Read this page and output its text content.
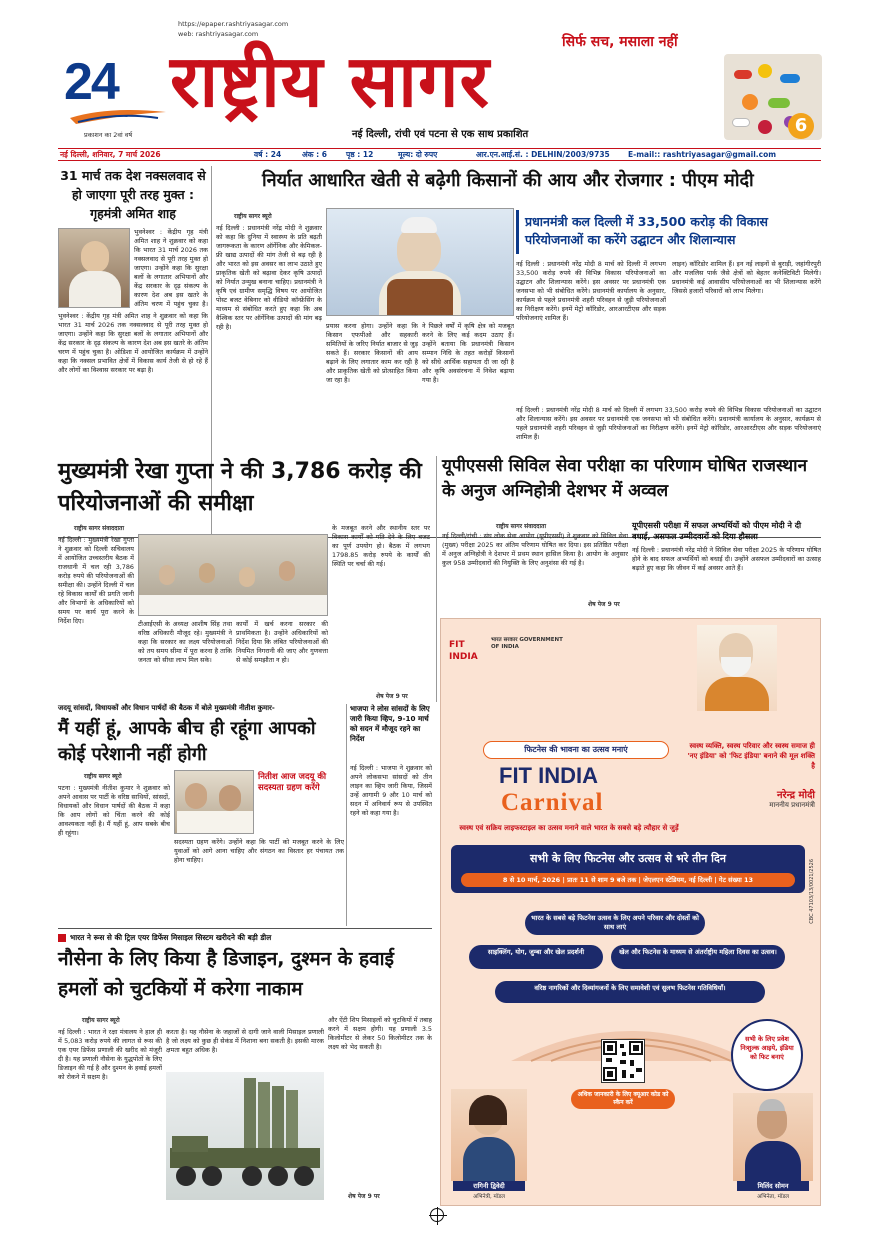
https://epaper.rashtriyasagar.com
web: rashtriyasagar.com	सिर्फ सच, मसाला नहीं
24
प्रकाशन का 2वां वर्ष
राष्ट्रीय सागर
नई दिल्ली, रांची एवं पटना से एक साथ प्रकाशित	6
नई दिल्ली, शनिवार, 7 मार्च 2026	वर्ष : 24	अंक : 6	पृष्ठ : 12	मूल्य: दो रुपए	आर.एन.आई.सं. : DELHIN/2003/9735	E-mail:: rashtriyasagar@gmail.com
31 मार्च तक देश नक्सलवाद से हो जाएगा पूरी तरह मुक्त : गृहमंत्री अमित शाह
भुवनेश्वर : केंद्रीय गृह मंत्री अमित शाह ने शुक्रवार को कहा कि भारत 31 मार्च 2026 तक नक्सलवाद से पूरी तरह मुक्त हो जाएगा। उन्होंने कहा कि सुरक्षा बलों के लगातार अभियानों और केंद्र सरकार के दृढ़ संकल्प के कारण देश अब इस खतरे के अंतिम चरण में पहुंच चुका है।
भुवनेश्वर : केंद्रीय गृह मंत्री अमित शाह ने शुक्रवार को कहा कि भारत 31 मार्च 2026 तक नक्सलवाद से पूरी तरह मुक्त हो जाएगा। उन्होंने कहा कि सुरक्षा बलों के लगातार अभियानों और केंद्र सरकार के दृढ़ संकल्प के कारण देश अब इस खतरे के अंतिम चरण में पहुंच चुका है। ओडिशा में आयोजित कार्यक्रम में उन्होंने कहा कि नक्सल प्रभावित क्षेत्रों में विकास कार्य तेजी से हो रहे हैं और लोगों का विश्वास सरकार पर बढ़ा है।
निर्यात आधारित खेती से बढ़ेगी किसानों की आय और रोजगार : पीएम मोदी
राष्ट्रीय सागर ब्यूरो
नई दिल्ली : प्रधानमंत्री नरेंद्र मोदी ने शुक्रवार को कहा कि दुनिया में स्वास्थ्य के प्रति बढ़ती जागरूकता के कारण ऑर्गेनिक और केमिकल-फ्री खाद्य उत्पादों की मांग तेजी से बढ़ रही है और भारत को इस अवसर का लाभ उठाते हुए प्राकृतिक खेती को बढ़ावा देकर कृषि उत्पादों को निर्यात उन्मुख बनाना चाहिए। प्रधानमंत्री ने कृषि एवं ग्रामीण समृद्धि विषय पर आयोजित पोस्ट बजट वेबिनार को वीडियो कॉन्फ्रेंसिंग के माध्यम से संबोधित करते हुए कहा कि अब वैश्विक स्तर पर ऑर्गेनिक उत्पादों की मांग बढ़ रही है।	प्रयास करना होगा। उन्होंने कहा कि किसान एफपीओ और सहकारी समितियों के जरिए निर्यात बाजार से जुड़ सकते हैं। सरकार किसानों की आय बढ़ाने के लिए लगातार काम कर रही है और प्राकृतिक खेती को प्रोत्साहित किया जा रहा है।
ने पिछले वर्षों में कृषि क्षेत्र को मजबूत करने के लिए कई कदम उठाए हैं। उन्होंने बताया कि प्रधानमंत्री किसान सम्मान निधि के तहत करोड़ों किसानों को सीधे आर्थिक सहायता दी जा रही है और कृषि अवसंरचना में निवेश बढ़ाया गया है।
प्रधानमंत्री कल दिल्ली में 33,500 करोड़ की विकास परियोजनाओं का करेंगे उद्घाटन और शिलान्यास
नई दिल्ली : प्रधानमंत्री नरेंद्र मोदी 8 मार्च को दिल्ली में लगभग 33,500 करोड़ रुपये की विभिन्न विकास परियोजनाओं का उद्घाटन और शिलान्यास करेंगे। इस अवसर पर प्रधानमंत्री एक जनसभा को भी संबोधित करेंगे। प्रधानमंत्री कार्यालय के अनुसार, कार्यक्रम से पहले प्रधानमंत्री शहरी परिवहन से जुड़ी परियोजनाओं का निरीक्षण करेंगे। इनमें मेट्रो कॉरिडोर, आरआरटीएस और सड़क परियोजनाएं शामिल हैं।
लाइन) कॉरिडोर शामिल हैं। इन नई लाइनों से बुराड़ी, जहांगीरपुरी और मजलिस पार्क जैसे क्षेत्रों को बेहतर कनेक्टिविटी मिलेगी। प्रधानमंत्री कई आवासीय परियोजनाओं का भी शिलान्यास करेंगे जिससे हजारों परिवारों को लाभ मिलेगा।
नई दिल्ली : प्रधानमंत्री नरेंद्र मोदी 8 मार्च को दिल्ली में लगभग 33,500 करोड़ रुपये की विभिन्न विकास परियोजनाओं का उद्घाटन और शिलान्यास करेंगे। इस अवसर पर प्रधानमंत्री एक जनसभा को भी संबोधित करेंगे। प्रधानमंत्री कार्यालय के अनुसार, कार्यक्रम से पहले प्रधानमंत्री शहरी परिवहन से जुड़ी परियोजनाओं का निरीक्षण करेंगे। इनमें मेट्रो कॉरिडोर, आरआरटीएस और सड़क परियोजनाएं शामिल हैं।
मुख्यमंत्री रेखा गुप्ता ने की 3,786 करोड़ की परियोजनाओं की समीक्षा
राष्ट्रीय सागर संवाददाता
नई दिल्ली : मुख्यमंत्री रेखा गुप्ता ने शुक्रवार को दिल्ली सचिवालय में आयोजित उच्चस्तरीय बैठक में राजधानी में चल रही 3,786 करोड़ रुपये की परियोजनाओं की समीक्षा की। उन्होंने दिल्ली में चल रहे विकास कार्यों की प्रगति जानी और विभागों के अधिकारियों को समय पर कार्य पूरा करने के निर्देश दिए।	टीआईएसी के अध्यक्ष आशीष सिंह तथा वरिष्ठ अधिकारी मौजूद रहे। मुख्यमंत्री ने कहा कि सरकार का लक्ष्य परियोजनाओं को तय समय सीमा में पूरा करना है ताकि जनता को सीधा लाभ मिल सके।
कार्यों में खर्च करना सरकार की प्राथमिकता है। उन्होंने अधिकारियों को निर्देश दिया कि लंबित परियोजनाओं की नियमित निगरानी की जाए और गुणवत्ता से कोई समझौता न हो।
के मजबूत करने और स्थानीय स्तर पर विकास कार्यों को गति देने के लिए बजट का पूर्ण उपयोग हो। बैठक में लगभग 1798.85 करोड़ रुपये के कार्यों की स्थिति पर चर्चा की गई।
शेष पेज 9 पर
यूपीएससी सिविल सेवा परीक्षा का परिणाम घोषित राजस्थान के अनुज अग्निहोत्री देशभर में अव्वल
राष्ट्रीय सागर संवाददाता
नई दिल्ली/रांची : संघ लोक सेवा आयोग (यूपीएससी) ने शुक्रवार को सिविल सेवा (मुख्य) परीक्षा 2025 का अंतिम परिणाम घोषित कर दिया। इस प्रतिष्ठित परीक्षा में अनुज अग्निहोत्री ने देशभर में प्रथम स्थान हासिल किया है। आयोग के अनुसार कुल 958 उम्मीदवारों की नियुक्ति के लिए अनुशंसा की गई है।
शेष पेज 9 पर
यूपीएससी परीक्षा में सफल अभ्यर्थियों को पीएम मोदी ने दी बधाई, असफल उम्मीदवारों को दिया हौसला
नई दिल्ली : प्रधानमंत्री नरेंद्र मोदी ने सिविल सेवा परीक्षा 2025 के परिणाम घोषित होने के बाद सफल अभ्यर्थियों को बधाई दी। उन्होंने असफल उम्मीदवारों का उत्साह बढ़ाते हुए कहा कि जीवन में कई अवसर आते हैं।
जदयू सांसदों, विधायकों और विधान पार्षदों की बैठक में बोले मुख्यमंत्री नीतीश कुमार-
मैं यहीं हूं, आपके बीच ही रहूंगा आपको कोई परेशानी नहीं होगी
राष्ट्रीय सागर ब्यूरो
पटना : मुख्यमंत्री नीतीश कुमार ने शुक्रवार को अपने आवास पर पार्टी के वरिष्ठ साथियों, सांसदों, विधायकों और विधान पार्षदों की बैठक में कहा कि आप लोगों को चिंता करने की कोई आवश्यकता नहीं है। मैं यहीं हूं, आप सबके बीच ही रहूंगा।
नितीश आज जदयू की सदस्यता ग्रहण करेंगे
सदस्यता ग्रहण करेंगे। उन्होंने कहा कि पार्टी को मजबूत करने के लिए युवाओं को आगे आना चाहिए और संगठन का विस्तार हर पंचायत तक होना चाहिए।
भाजपा ने लोस सांसदों के लिए जारी किया व्हिप, 9-10 मार्च को सदन में मौजूद रहने का निर्देश
नई दिल्ली : भाजपा ने शुक्रवार को अपने लोकसभा सांसदों को तीन लाइन का व्हिप जारी किया, जिसमें उन्हें आगामी 9 और 10 मार्च को सदन में अनिवार्य रूप से उपस्थित रहने को कहा गया है।
भारत ने रूस से की ट्रिल एयर डिफेंस मिसाइल सिस्टम खरीदने की बड़ी डील
नौसेना के लिए किया है डिजाइन, दुश्मन के हवाई हमलों को चुटकियों में करेगा नाकाम
राष्ट्रीय सागर ब्यूरो
नई दिल्ली : भारत ने रक्षा मंत्रालय ने हाल ही में 5,083 करोड़ रुपये की लागत से रूस की एक एयर डिफेंस प्रणाली की खरीद को मंजूरी दी है। यह प्रणाली नौसेना के युद्धपोतों के लिए डिजाइन की गई है और दुश्मन के हवाई हमलों को रोकने में सक्षम है।
करता है। यह नौसेना के जहाजों से दागी जाने वाली मिसाइल प्रणाली है जो लक्ष्य को कुछ ही सेकंड में निशाना बना सकती है। इसकी मारक क्षमता बहुत अधिक है।
और ऐंटी शिप मिसाइलों को चुटकियों में तबाह करने में सक्षम होगी। यह प्रणाली 3.5 किलोमीटर से लेकर 50 किलोमीटर तक के लक्ष्य को भेद सकती है।
शेष पेज 9 पर
FIT INDIA
भारत सरकार GOVERNMENT OF INDIA
फिटनेस की भावना का उत्सव मनाएं
FIT INDIA
Carnival
स्वस्थ एवं सक्रिय लाइफस्टाइल का उत्सव मनाने वाले भारत के सबसे बड़े त्यौहार से जुड़ें
स्वस्थ व्यक्ति, स्वस्थ परिवार और स्वस्थ समाज ही 'नए इंडिया' को 'फिट इंडिया' बनाने की मूल शक्ति है
नरेन्द्र मोदी
माननीय प्रधानमंत्री
सभी के लिए फिटनेस और उत्सव से भरे तीन दिन
8 से 10 मार्च, 2026 | प्रातः 11 से शाम 9 बजे तक | जेएलएन स्टेडियम, नई दिल्ली | गेट संख्या 13	CBC 47103/13/0021/2526
भारत के सबसे बड़े फिटनेस उत्सव के लिए अपने परिवार और दोस्तों को साथ लाएं
साइक्लिंग, योग, जुम्बा और खेल प्रदर्शनी	खेल और फिटनेस के माध्यम से अंतर्राष्ट्रीय महिला दिवस का उत्सव।
वरिष्ठ नागरिकों और दिव्यांगजनों के लिए समावेशी एवं सुलभ फिटनेस गतिविधियाँ।
अधिक जानकारी के लिए क्यूआर कोड को स्कैन करें
सभी के लिए प्रवेश निःशुल्क आइये, इंडिया को फिट बनाएं
रागिनी द्विवेदी
अभिनेत्री, मॉडल
मिलिंद सोमन
अभिनेता, मॉडल
